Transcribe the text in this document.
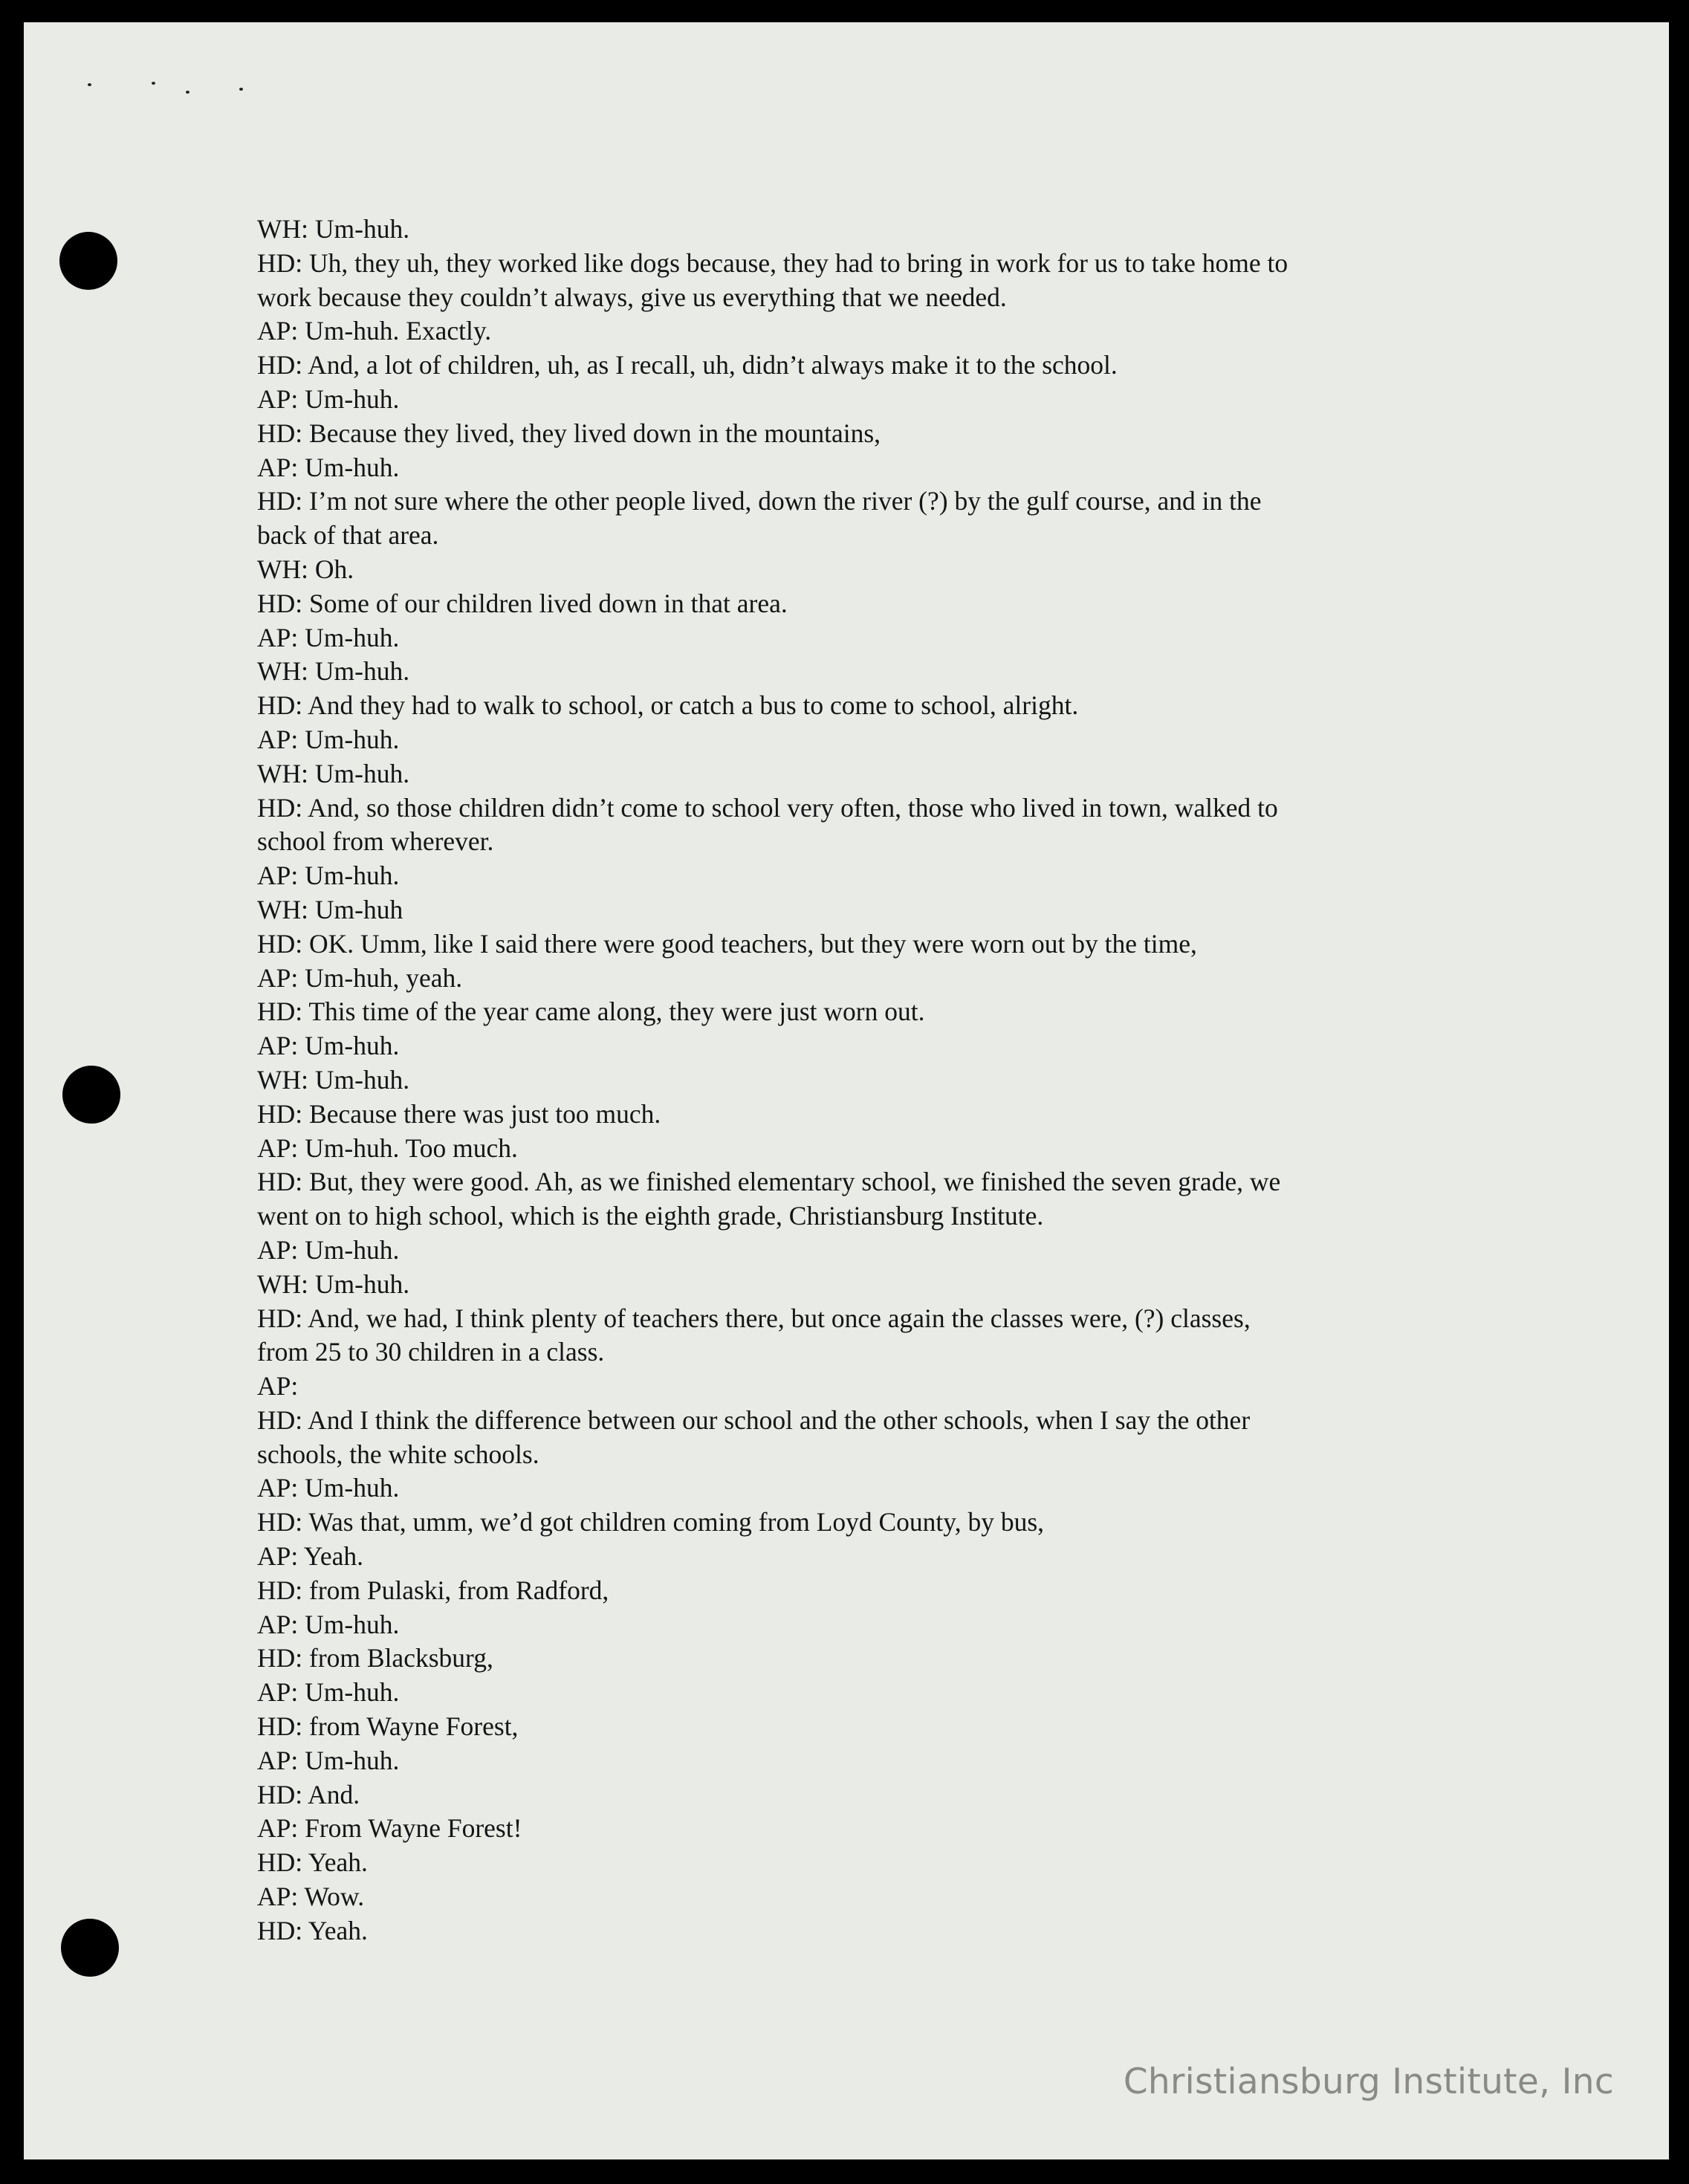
WH: Um-huh.
HD: Uh, they uh, they worked like dogs because, they had to bring in work for us to take home to
work because they couldn’t always, give us everything that we needed.
AP: Um-huh. Exactly.
HD: And, a lot of children, uh, as I recall, uh, didn’t always make it to the school.
AP: Um-huh.
HD: Because they lived, they lived down in the mountains,
AP: Um-huh.
HD: I’m not sure where the other people lived, down the river (?) by the gulf course, and in the
back of that area.
WH: Oh.
HD: Some of our children lived down in that area.
AP: Um-huh.
WH: Um-huh.
HD: And they had to walk to school, or catch a bus to come to school, alright.
AP: Um-huh.
WH: Um-huh.
HD: And, so those children didn’t come to school very often, those who lived in town, walked to
school from wherever.
AP: Um-huh.
WH: Um-huh
HD: OK. Umm, like I said there were good teachers, but they were worn out by the time,
AP: Um-huh, yeah.
HD: This time of the year came along, they were just worn out.
AP: Um-huh.
WH: Um-huh.
HD: Because there was just too much.
AP: Um-huh. Too much.
HD: But, they were good. Ah, as we finished elementary school, we finished the seven grade, we
went on to high school, which is the eighth grade, Christiansburg Institute.
AP: Um-huh.
WH: Um-huh.
HD: And, we had, I think plenty of teachers there, but once again the classes were, (?) classes,
from 25 to 30 children in a class.
AP:
HD: And I think the difference between our school and the other schools, when I say the other
schools, the white schools.
AP: Um-huh.
HD: Was that, umm, we’d got children coming from Loyd County, by bus,
AP: Yeah.
HD: from Pulaski, from Radford,
AP: Um-huh.
HD: from Blacksburg,
AP: Um-huh.
HD: from Wayne Forest,
AP: Um-huh.
HD: And.
AP: From Wayne Forest!
HD: Yeah.
AP: Wow.
HD: Yeah.
Christiansburg Institute, Inc
